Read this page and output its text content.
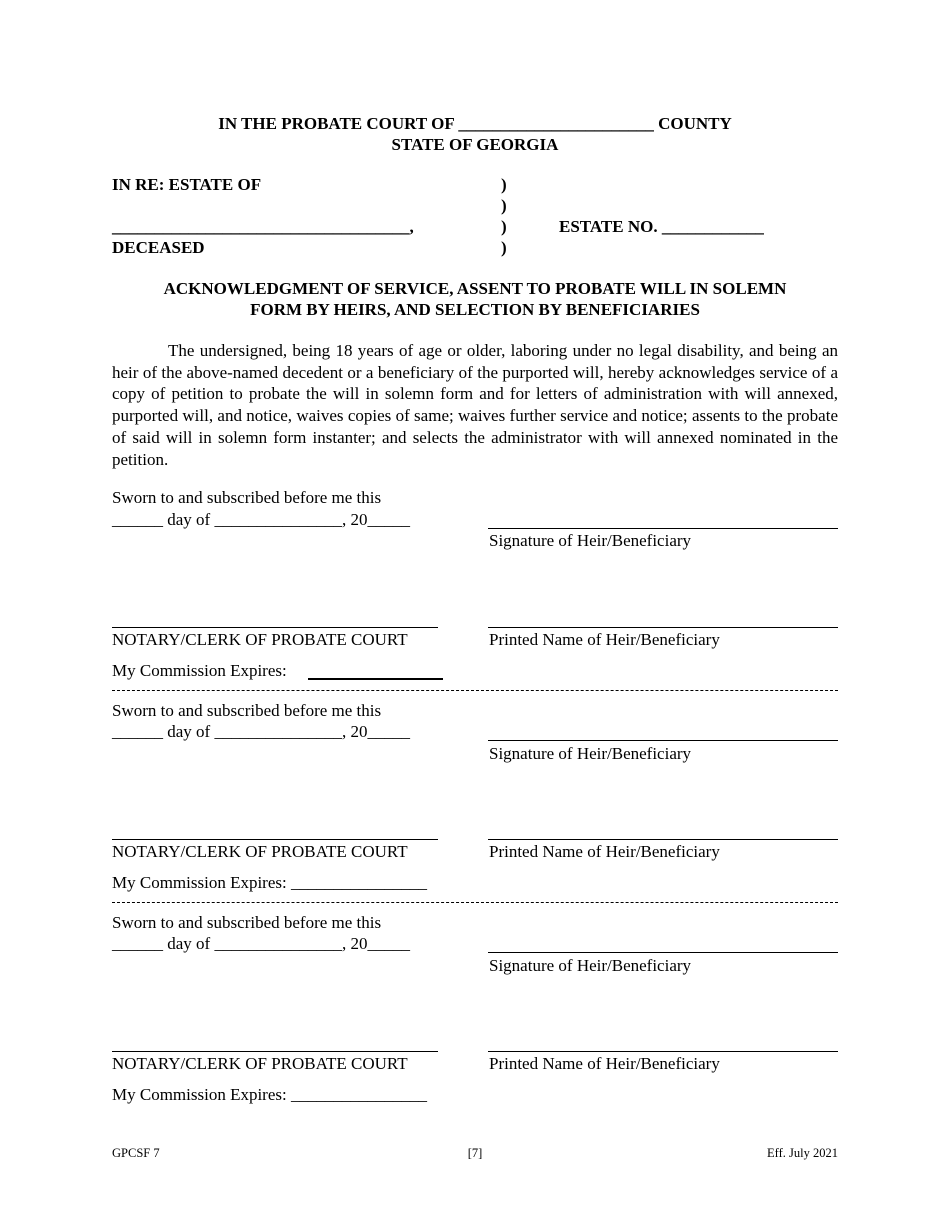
IN THE PROBATE COURT OF _______________________ COUNTY
STATE OF GEORGIA
IN RE: ESTATE OF
___________________________________,
DECEASED
)
)
)
)
ESTATE NO. ____________
ACKNOWLEDGMENT OF SERVICE, ASSENT TO PROBATE WILL IN SOLEMN
FORM BY HEIRS, AND SELECTION BY BENEFICIARIES
The undersigned, being 18 years of age or older, laboring under no legal disability, and being an heir of the above-named decedent or a beneficiary of the purported will, hereby acknowledges service of a copy of petition to probate the will in solemn form and for letters of administration with will annexed, purported will, and notice, waives copies of same; waives further service and notice; assents to the probate of said will in solemn form instanter; and selects the administrator with will annexed nominated in the petition.
Sworn to and subscribed before me this
______ day of _______________, 20_____
Signature of Heir/Beneficiary
NOTARY/CLERK OF PROBATE COURT	Printed Name of Heir/Beneficiary
My Commission Expires:
Sworn to and subscribed before me this
______ day of _______________, 20_____
Signature of Heir/Beneficiary
NOTARY/CLERK OF PROBATE COURT	Printed Name of Heir/Beneficiary
My Commission Expires: ________________
Sworn to and subscribed before me this
______ day of _______________, 20_____
Signature of Heir/Beneficiary
NOTARY/CLERK OF PROBATE COURT	Printed Name of Heir/Beneficiary
My Commission Expires: ________________
GPCSF 7	[7]	Eff. July 2021
